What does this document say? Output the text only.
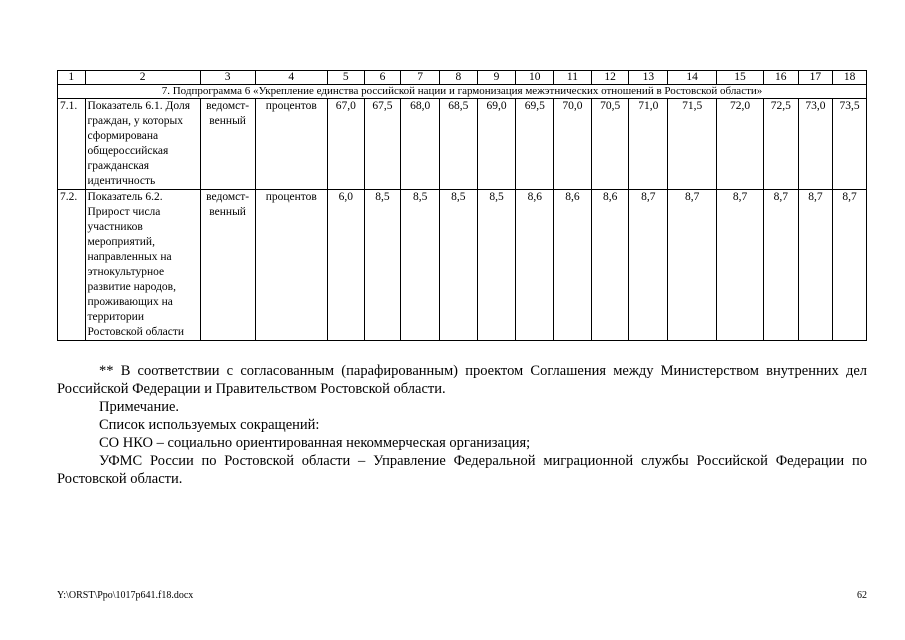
1	2	3	4	5	6	7	8	9	10	11	12	13	14	15	16	17	18
7. Подпрограмма 6 «Укрепление единства российской нации и гармонизация межэтнических отношений в Ростовской области»																	
7.1.	Показатель 6.1. Доля граждан, у которых сформирована общероссийская гражданская идентичность	ведомст-венный	процентов	67,0	67,5	68,0	68,5	69,0	69,5	70,0	70,5	71,0	71,5	72,0	72,5	73,0	73,5
7.2.	Показатель 6.2. Прирост числа участников мероприятий, направленных на этнокультурное развитие народов, проживающих на территории Ростовской области	ведомст-венный	процентов	6,0	8,5	8,5	8,5	8,5	8,6	8,6	8,6	8,7	8,7	8,7	8,7	8,7	8,7

** В соответствии с согласованным (парафированным) проектом Соглашения между Министерством внутренних дел Российской Федерации и Правительством Ростовской области.

Примечание.

Список используемых сокращений:

СО НКО – социально ориентированная некоммерческая организация;

УФМС России по Ростовской области – Управление Федеральной миграционной службы Российской Федерации по Ростовской области.

Y:\ORST\Ppo\1017p641.f18.docx	62
